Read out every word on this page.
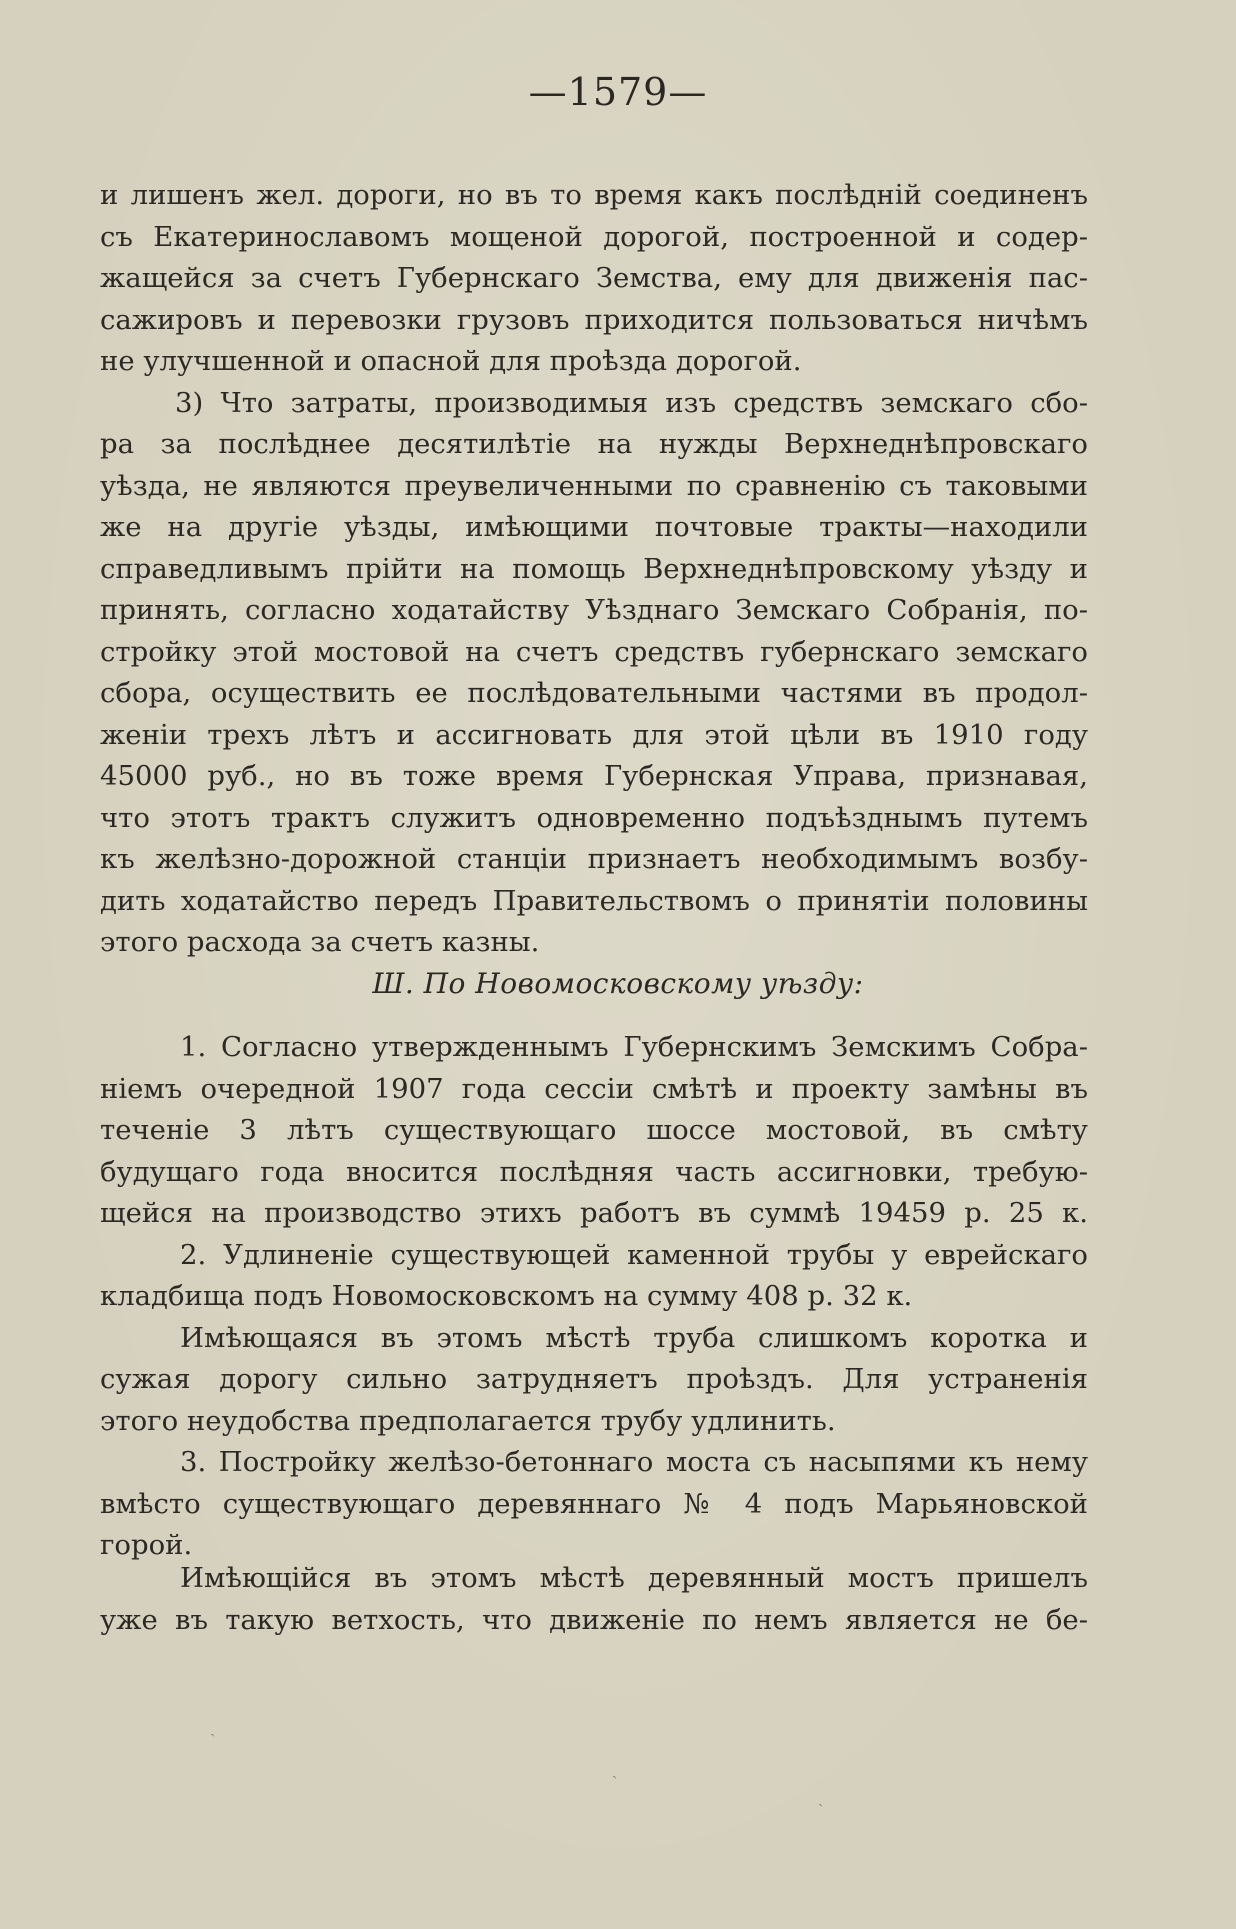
—1579—
и лишенъ жел. дороги, но въ то время какъ послѣдній соединенъ
съ Екатеринославомъ мощеной дорогой, построенной и содер-
жащейся за счетъ Губернскаго Земства, ему для движенія пас-
сажировъ и перевозки грузовъ приходится пользоваться ничѣмъ
не улучшенной и опасной для проѣзда дорогой.
3) Что затраты, производимыя изъ средствъ земскаго сбо-
ра за послѣднее десятилѣтіе на нужды Верхнеднѣпровскаго
уѣзда, не являются преувеличенными по сравненію съ таковыми
же на другіе уѣзды, имѣющими почтовые тракты—находили
справедливымъ прійти на помощь Верхнеднѣпровскому уѣзду и
принять, согласно ходатайству Уѣзднаго Земскаго Собранія, по-
стройку этой мостовой на счетъ средствъ губернскаго земскаго
сбора, осуществить ее послѣдовательными частями въ продол-
женіи трехъ лѣтъ и ассигновать для этой цѣли въ 1910 году
45000 руб., но въ тоже время Губернская Управа, признавая,
что этотъ трактъ служитъ одновременно подъѣзднымъ путемъ
къ желѣзно-дорожной станціи признаетъ необходимымъ возбу-
дить ходатайство передъ Правительствомъ о принятіи половины
этого расхода за счетъ казны.
Ш. По Новомосковскому уѣзду:
1. Согласно утвержденнымъ Губернскимъ Земскимъ Собра-
ніемъ очередной 1907 года сессіи смѣтѣ и проекту замѣны въ
теченіе 3 лѣтъ существующаго шоссе мостовой, въ смѣту
будущаго года вносится послѣдняя часть ассигновки, требую-
щейся на производство этихъ работъ въ суммѣ 19459 р. 25 к.
2. Удлиненіе существующей каменной трубы у еврейскаго
кладбища подъ Новомосковскомъ на сумму 408 р. 32 к.
Имѣющаяся въ этомъ мѣстѣ труба слишкомъ коротка и
сужая дорогу сильно затрудняетъ проѣздъ. Для устраненія
этого неудобства предполагается трубу удлинить.
3. Постройку желѣзо-бетоннаго моста съ насыпями къ нему
вмѣсто существующаго деревяннаго № 4 подъ Марьяновской
горой.
Имѣющійся въ этомъ мѣстѣ деревянный мостъ пришелъ
уже въ такую ветхость, что движеніе по немъ является не бе-
ˏ
ˎ
ˏ
